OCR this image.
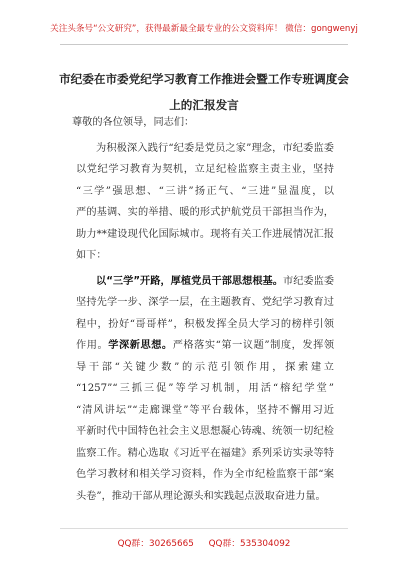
关注头条号“公文研究”，获得最新最全最专业的公文资料库！ 微信：gongwenyj
市纪委在市委党纪学习教育工作推进会暨工作专班调度会
上的汇报发言
尊敬的各位领导，同志们：
为积极深入践行“纪委是党员之家”理念，市纪委监委
以党纪学习教育为契机，立足纪检监察主责主业，坚持
“三学”强思想、“三讲”扬正气、“三进”显温度，以
严的基调、实的举措、暖的形式护航党员干部担当作为，
助力**建设现代化国际城市。现将有关工作进展情况汇报
如下：
以“三学”开路，厚植党员干部思想根基。市纪委监委
坚持先学一步、深学一层，在主题教育、党纪学习教育过
程中，扮好“哥哥样”，积极发挥全员大学习的榜样引领
作用。学深新思想。严格落实“第一议题”制度，发挥领
导干部“关键少数”的示范引领作用，探索建立
“1257”“三抓三促”等学习机制，用活“榕纪学堂”
“清风讲坛”“走廊课堂”等平台载体，坚持不懈用习近
平新时代中国特色社会主义思想凝心铸魂、统领一切纪检
监察工作。精心选取《习近平在福建》系列采访实录等特
色学习教材和相关学习资料，作为全市纪检监察干部“案
头卷”，推动干部从理论源头和实践起点汲取奋进力量。
QQ群：30265665 QQ群：535304092
